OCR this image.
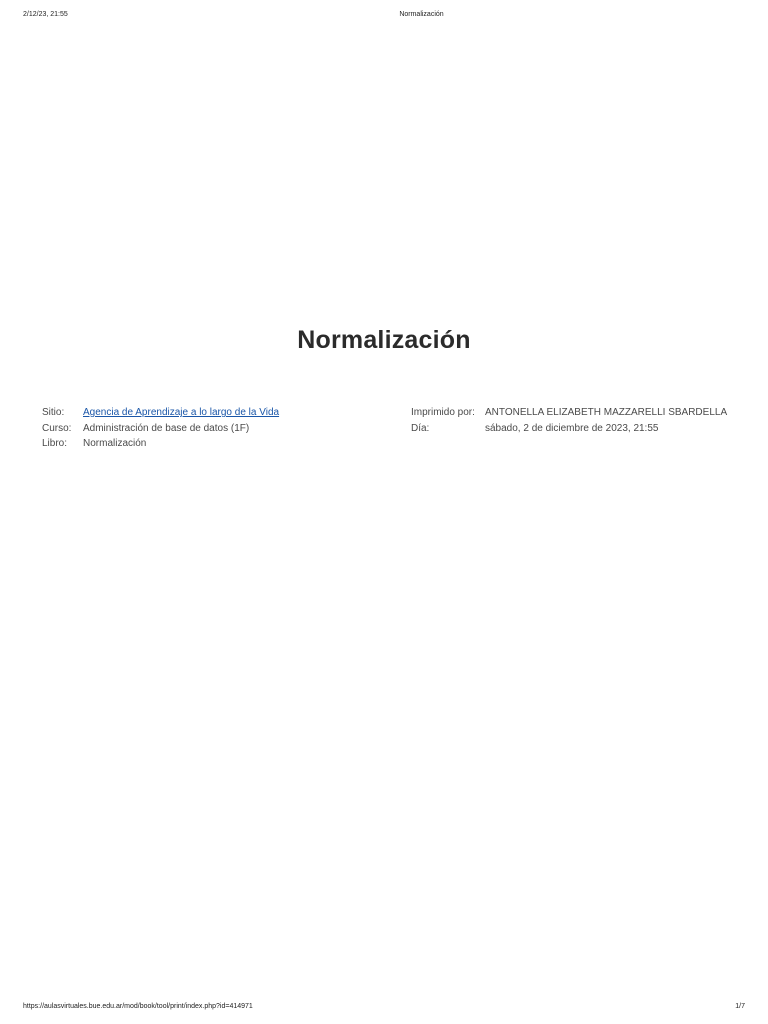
2/12/23, 21:55	Normalización
Normalización
Sitio:	Agencia de Aprendizaje a lo largo de la Vida
Curso:	Administración de base de datos (1F)
Libro:	Normalización
Imprimido por:	ANTONELLA ELIZABETH MAZZARELLI SBARDELLA
Día:	sábado, 2 de diciembre de 2023, 21:55
https://aulasvirtuales.bue.edu.ar/mod/book/tool/print/index.php?id=414971	1/7
